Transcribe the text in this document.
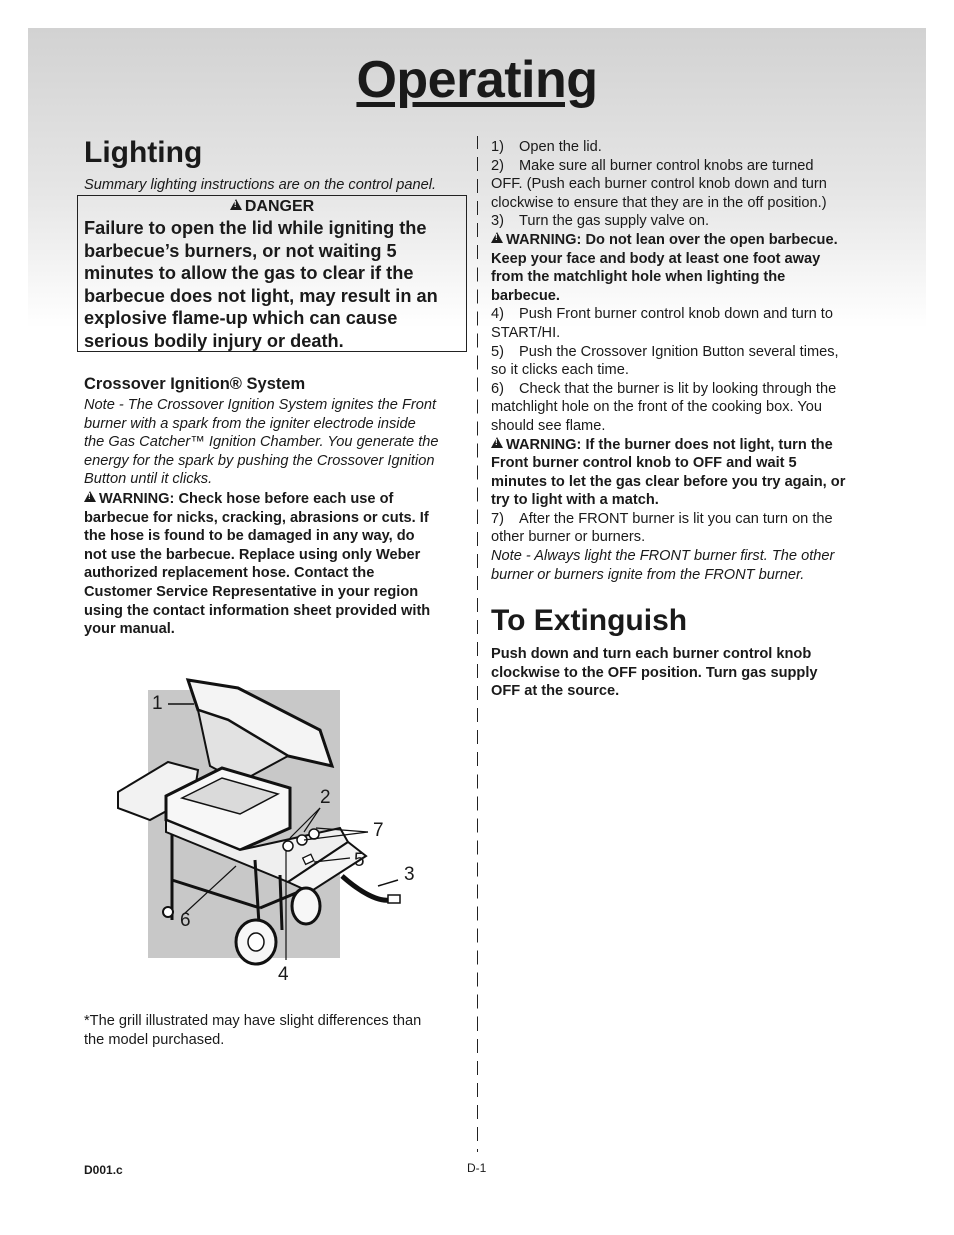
Operating
Lighting
Summary lighting instructions are on the control panel.
!DANGER
Failure to open the lid while igniting the
barbecue’s burners, or not waiting 5
minutes to allow the gas to clear if the
barbecue does not light, may result in an
explosive flame-up which can cause
serious bodily injury or death.
Crossover Ignition® System
Note - The Crossover Ignition System ignites the Front
burner with a spark from the igniter electrode inside
the Gas Catcher™ Ignition Chamber. You generate the
energy for the spark by pushing the Crossover Ignition
Button until it clicks.
!WARNING: Check hose before each use of
barbecue for nicks, cracking, abrasions or cuts. If
the hose is found to be damaged in any way, do
not use the barbecue. Replace using only Weber
authorized replacement hose. Contact the
Customer Service Representative in your region
using the contact information sheet provided with
your manual.
1
2
7
5
3
6
4
*The grill illustrated may have slight differences than
the model purchased.
1) Open the lid.
2) Make sure all burner control knobs are turned
OFF. (Push each burner control knob down and turn
clockwise to ensure that they are in the off position.)
3) Turn the gas supply valve on.
!WARNING: Do not lean over the open barbecue.
Keep your face and body at least one foot away
from the matchlight hole when lighting the
barbecue.
4) Push Front burner control knob down and turn to
START/HI.
5) Push the Crossover Ignition Button several times,
so it clicks each time.
6) Check that the burner is lit by looking through the
matchlight hole on the front of the cooking box. You
should see flame.
!WARNING: If the burner does not light, turn the
Front burner control knob to OFF and wait 5
minutes to let the gas clear before you try again, or
try to light with a match.
7) After the FRONT burner is lit you can turn on the
other burner or burners.
Note - Always light the FRONT burner first. The other
burner or burners ignite from the FRONT burner.
To Extinguish
Push down and turn each burner control knob
clockwise to the OFF position. Turn gas supply
OFF at the source.
D001.c	D-1
